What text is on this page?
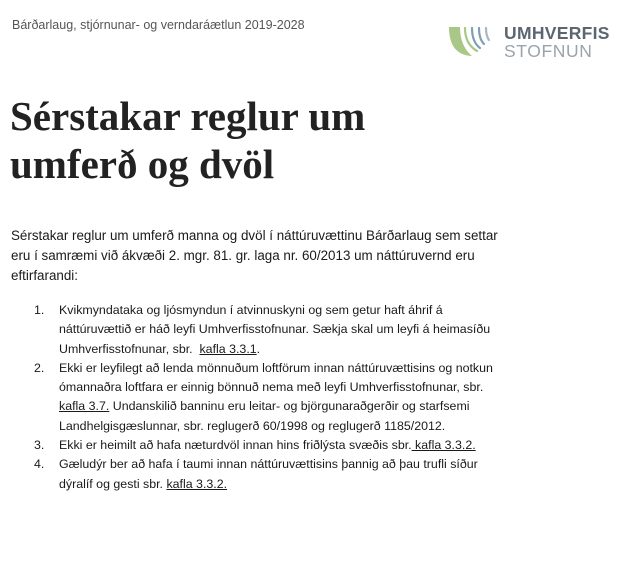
Bárðarlaug, stjórnunar- og verndaráætlun 2019-2028	UMHVERFIS
STOFNUN
Sérstakar reglur um
umferð og dvöl

Sérstakar reglur um umferð manna og dvöl í náttúruvættinu Bárðarlaug sem settar
eru í samræmi við ákvæði 2. mgr. 81. gr. laga nr. 60/2013 um náttúruvernd eru
eftirfarandi:

1. Kvikmyndataka og ljósmyndun í atvinnuskyni og sem getur haft áhrif á
náttúruvættið er háð leyfi Umhverfisstofnunar. Sækja skal um leyfi á heimasíðu
Umhverfisstofnunar, sbr.  kafla 3.3.1.
2. Ekki er leyfilegt að lenda mönnuðum loftförum innan náttúruvættisins og notkun
ómannaðra loftfara er einnig bönnuð nema með leyfi Umhverfisstofnunar, sbr.
kafla 3.7. Undanskilið banninu eru leitar- og björgunaraðgerðir og starfsemi
Landhelgisgæslunnar, sbr. reglugerð 60/1998 og reglugerð 1185/2012.
3. Ekki er heimilt að hafa næturdvöl innan hins friðlýsta svæðis sbr. kafla 3.3.2.
4. Gæludýr ber að hafa í taumi innan náttúruvættisins þannig að þau trufli síður
dýralíf og gesti sbr. kafla 3.3.2.
